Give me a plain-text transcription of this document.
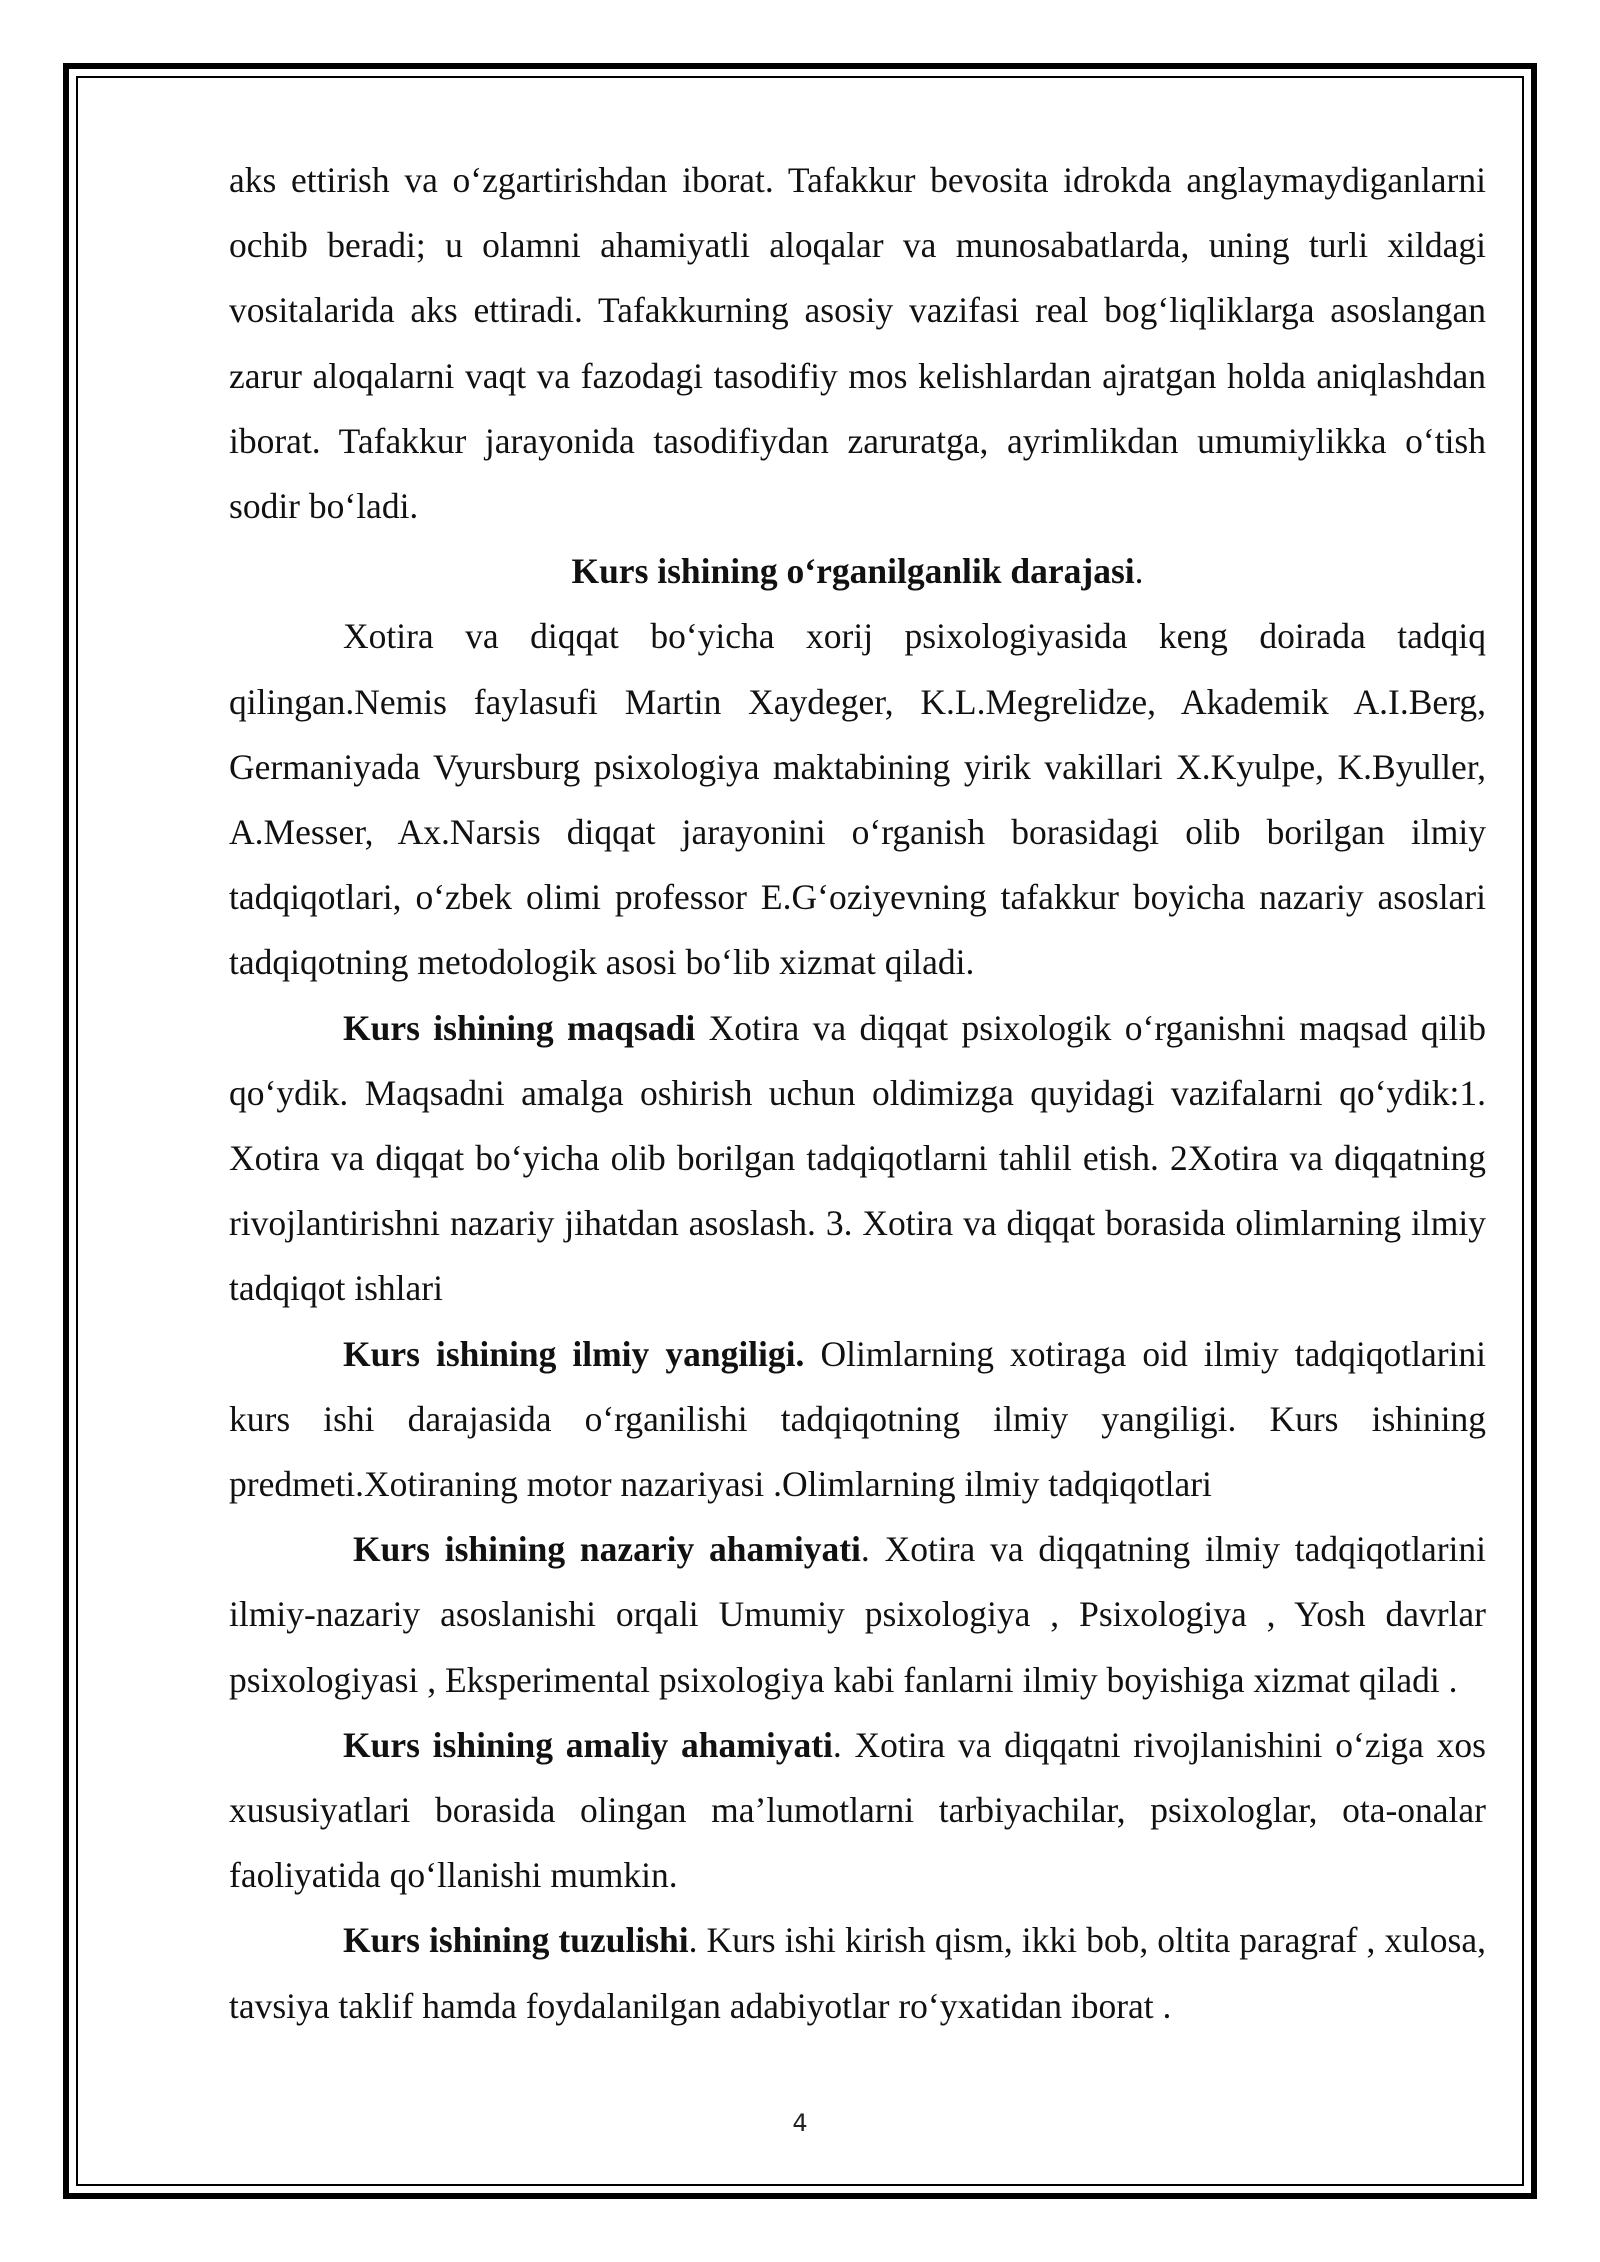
aks ettirish va o‘zgartirishdan iborat. Tafakkur bevosita idrokda anglaymaydiganlarni ochib beradi; u olamni ahamiyatli aloqalar va munosabatlarda, uning turli xildagi vositalarida aks ettiradi. Tafakkurning asosiy vazifasi real bog‘liqliklarga asoslangan zarur aloqalarni vaqt va fazodagi tasodifiy mos kelishlardan ajratgan holda aniqlashdan iborat. Tafakkur jarayonida tasodifiydan zaruratga, ayrimlikdan umumiylikka o‘tish sodir bo‘ladi.

Kurs ishining o‘rganilganlik darajasi.

Xotira va diqqat bo‘yicha xorij psixologiyasida keng doirada tadqiq qilingan.Nemis faylasufi Martin Xaydeger, K.L.Megrelidze, Akademik A.I.Berg, Germaniyada Vyursburg psixologiya maktabining yirik vakillari X.Kyulpe, K.Byuller, A.Messer, Ax.Narsis diqqat jarayonini o‘rganish borasidagi olib borilgan ilmiy tadqiqotlari, o‘zbek olimi professor E.G‘oziyevning tafakkur boyicha nazariy asoslari tadqiqotning metodologik asosi bo‘lib xizmat qiladi.

Kurs ishining maqsadi Xotira va diqqat psixologik o‘rganishni maqsad qilib qo‘ydik. Maqsadni amalga oshirish uchun oldimizga quyidagi vazifalarni qo‘ydik:1. Xotira va diqqat bo‘yicha olib borilgan tadqiqotlarni tahlil etish. 2Xotira va diqqatning rivojlantirishni nazariy jihatdan asoslash. 3. Xotira va diqqat borasida olimlarning ilmiy tadqiqot ishlari

Kurs ishining ilmiy yangiligi. Olimlarning xotiraga oid ilmiy tadqiqotlarini kurs ishi darajasida o‘rganilishi tadqiqotning ilmiy yangiligi. Kurs ishining predmeti.Xotiraning motor nazariyasi .Olimlarning ilmiy tadqiqotlari

Kurs ishining nazariy ahamiyati. Xotira va diqqatning ilmiy tadqiqotlarini ilmiy-nazariy asoslanishi orqali Umumiy psixologiya , Psixologiya , Yosh davrlar psixologiyasi , Eksperimental psixologiya kabi fanlarni ilmiy boyishiga xizmat qiladi .

Kurs ishining amaliy ahamiyati. Xotira va diqqatni rivojlanishini o‘ziga xos xususiyatlari borasida olingan ma’lumotlarni tarbiyachilar, psixologlar, ota-onalar faoliyatida qo‘llanishi mumkin.

Kurs ishining tuzulishi. Kurs ishi kirish qism, ikki bob, oltita paragraf , xulosa, tavsiya taklif hamda foydalanilgan adabiyotlar ro‘yxatidan iborat .

4
